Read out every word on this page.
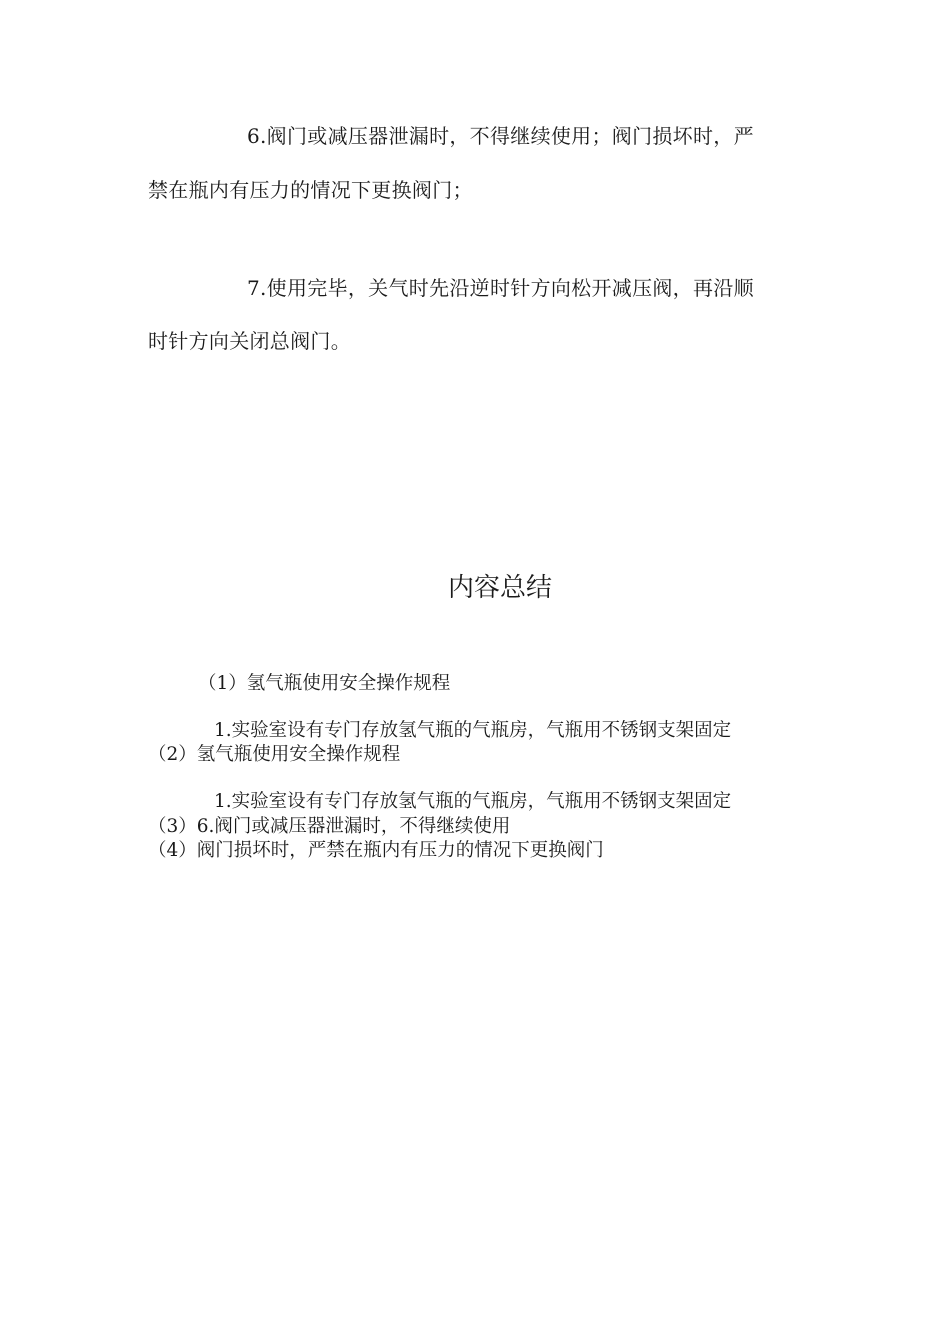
6.阀门或减压器泄漏时，不得继续使用；阀门损坏时，严
禁在瓶内有压力的情况下更换阀门；
7.使用完毕，关气时先沿逆时针方向松开减压阀，再沿顺
时针方向关闭总阀门。
内容总结
（1）氢气瓶使用安全操作规程
1.实验室设有专门存放氢气瓶的气瓶房，气瓶用不锈钢支架固定
（2）氢气瓶使用安全操作规程
1.实验室设有专门存放氢气瓶的气瓶房，气瓶用不锈钢支架固定
（3）6.阀门或减压器泄漏时，不得继续使用
（4）阀门损坏时，严禁在瓶内有压力的情况下更换阀门
